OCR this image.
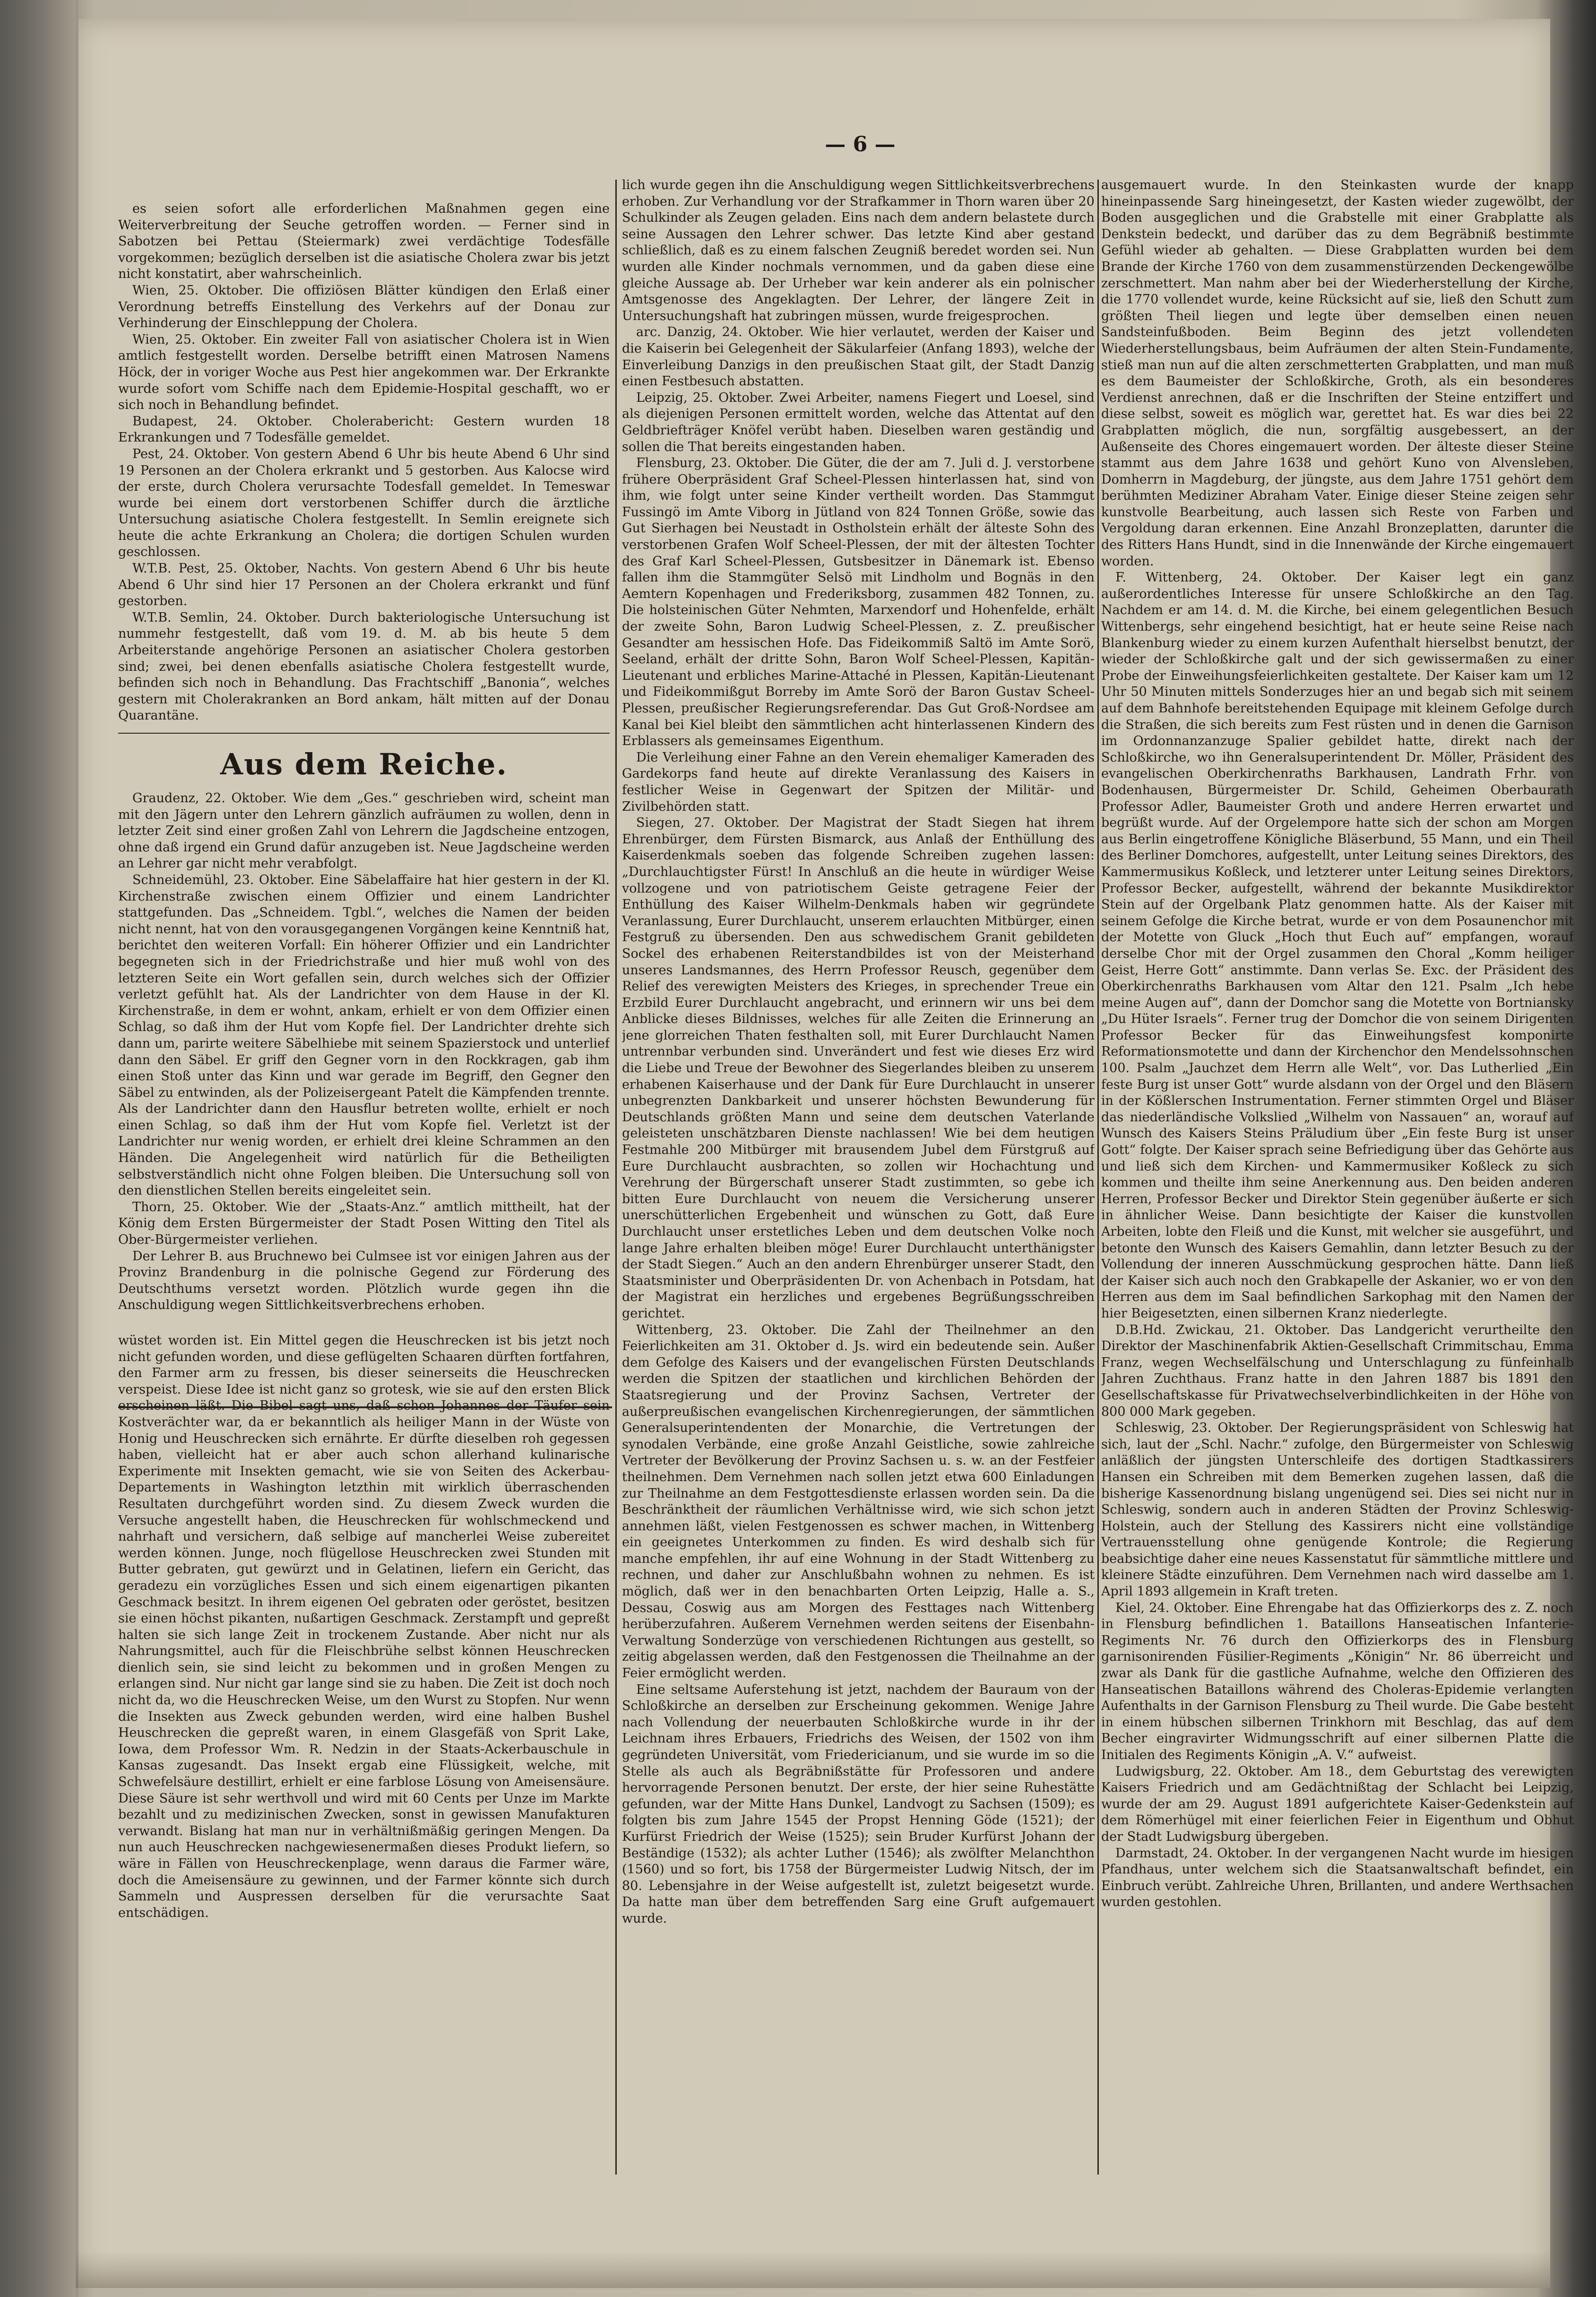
— 6 —

es seien sofort alle erforderlichen Maßnahmen gegen eine Weiterverbreitung der Seuche getroffen worden. — Ferner sind in Sabotzen bei Pettau (Steiermark) zwei verdächtige Todesfälle vorgekommen; bezüglich derselben ist die asiatische Cholera zwar bis jetzt nicht konstatirt, aber wahrscheinlich.

Wien, 25. Oktober. Die offiziösen Blätter kündigen den Erlaß einer Verordnung betreffs Einstellung des Verkehrs auf der Donau zur Verhinderung der Einschleppung der Cholera.

Wien, 25. Oktober. Ein zweiter Fall von asiatischer Cholera ist in Wien amtlich festgestellt worden. Derselbe betrifft einen Matrosen Namens Höck, der in voriger Woche aus Pest hier angekommen war. Der Erkrankte wurde sofort vom Schiffe nach dem Epidemie-Hospital geschafft, wo er sich noch in Behandlung befindet.

Budapest, 24. Oktober. Cholerabericht: Gestern wurden 18 Erkrankungen und 7 Todesfälle gemeldet.

Pest, 24. Oktober. Von gestern Abend 6 Uhr bis heute Abend 6 Uhr sind 19 Personen an der Cholera erkrankt und 5 gestorben. Aus Kalocse wird der erste, durch Cholera verursachte Todesfall gemeldet. In Temeswar wurde bei einem dort verstorbenen Schiffer durch die ärztliche Untersuchung asiatische Cholera festgestellt. In Semlin ereignete sich heute die achte Erkrankung an Cholera; die dortigen Schulen wurden geschlossen.

W.T.B. Pest, 25. Oktober, Nachts. Von gestern Abend 6 Uhr bis heute Abend 6 Uhr sind hier 17 Personen an der Cholera erkrankt und fünf gestorben.

W.T.B. Semlin, 24. Oktober. Durch bakteriologische Untersuchung ist nummehr festgestellt, daß vom 19. d. M. ab bis heute 5 dem Arbeiterstande angehörige Personen an asiatischer Cholera gestorben sind; zwei, bei denen ebenfalls asiatische Cholera festgestellt wurde, befinden sich noch in Behandlung. Das Frachtschiff „Banonia“, welches gestern mit Cholerakranken an Bord ankam, hält mitten auf der Donau Quarantäne.

Aus dem Reiche.

Graudenz, 22. Oktober. Wie dem „Ges.“ geschrieben wird, scheint man mit den Jägern unter den Lehrern gänzlich aufräumen zu wollen, denn in letzter Zeit sind einer großen Zahl von Lehrern die Jagdscheine entzogen, ohne daß irgend ein Grund dafür anzugeben ist. Neue Jagdscheine werden an Lehrer gar nicht mehr verabfolgt.

Schneidemühl, 23. Oktober. Eine Säbelaffaire hat hier gestern in der Kl. Kirchenstraße zwischen einem Offizier und einem Landrichter stattgefunden. Das „Schneidem. Tgbl.“, welches die Namen der beiden nicht nennt, hat von den vorausgegangenen Vorgängen keine Kenntniß hat, berichtet den weiteren Vorfall: Ein höherer Offizier und ein Landrichter begegneten sich in der Friedrichstraße und hier muß wohl von des letzteren Seite ein Wort gefallen sein, durch welches sich der Offizier verletzt gefühlt hat. Als der Landrichter von dem Hause in der Kl. Kirchenstraße, in dem er wohnt, ankam, erhielt er von dem Offizier einen Schlag, so daß ihm der Hut vom Kopfe fiel. Der Landrichter drehte sich dann um, parirte weitere Säbelhiebe mit seinem Spazierstock und unterlief dann den Säbel. Er griff den Gegner vorn in den Rockkragen, gab ihm einen Stoß unter das Kinn und war gerade im Begriff, den Gegner den Säbel zu entwinden, als der Polizeisergeant Patelt die Kämpfenden trennte. Als der Landrichter dann den Hausflur betreten wollte, erhielt er noch einen Schlag, so daß ihm der Hut vom Kopfe fiel. Verletzt ist der Landrichter nur wenig worden, er erhielt drei kleine Schrammen an den Händen. Die Angelegenheit wird natürlich für die Betheiligten selbstverständlich nicht ohne Folgen bleiben. Die Untersuchung soll von den dienstlichen Stellen bereits eingeleitet sein.

Thorn, 25. Oktober. Wie der „Staats-Anz.“ amtlich mittheilt, hat der König dem Ersten Bürgermeister der Stadt Posen Witting den Titel als Ober-Bürgermeister verliehen.

Der Lehrer B. aus Bruchnewo bei Culmsee ist vor einigen Jahren aus der Provinz Brandenburg in die polnische Gegend zur Förderung des Deutschthums versetzt worden. Plötzlich wurde gegen ihn die Anschuldigung wegen Sittlichkeitsverbrechens erhoben.

wüstet worden ist. Ein Mittel gegen die Heuschrecken ist bis jetzt noch nicht gefunden worden, und diese geflügelten Schaaren dürften fortfahren, den Farmer arm zu fressen, bis dieser seinerseits die Heuschrecken verspeist. Diese Idee ist nicht ganz so grotesk, wie sie auf den ersten Blick erscheinen läßt. Die Bibel sagt uns, daß schon Johannes der Täufer sein Kostverächter war, da er bekanntlich als heiliger Mann in der Wüste von Honig und Heuschrecken sich ernährte. Er dürfte dieselben roh gegessen haben, vielleicht hat er aber auch schon allerhand kulinarische Experimente mit Insekten gemacht, wie sie von Seiten des Ackerbau-Departements in Washington letzthin mit wirklich überraschenden Resultaten durchgeführt worden sind. Zu diesem Zweck wurden die Versuche angestellt haben, die Heuschrecken für wohlschmeckend und nahrhaft und versichern, daß selbige auf mancherlei Weise zubereitet werden können. Junge, noch flügellose Heuschrecken zwei Stunden mit Butter gebraten, gut gewürzt und in Gelatinen, liefern ein Gericht, das geradezu ein vorzügliches Essen und sich einem eigenartigen pikanten Geschmack besitzt. In ihrem eigenen Oel gebraten oder geröstet, besitzen sie einen höchst pikanten, nußartigen Geschmack. Zerstampft und gepreßt halten sie sich lange Zeit in trockenem Zustande. Aber nicht nur als Nahrungsmittel, auch für die Fleischbrühe selbst können Heuschrecken dienlich sein, sie sind leicht zu bekommen und in großen Mengen zu erlangen sind. Nur nicht gar lange sind sie zu haben. Die Zeit ist doch noch nicht da, wo die Heuschrecken Weise, um den Wurst zu Stopfen. Nur wenn die Insekten aus Zweck gebunden werden, wird eine halben Bushel Heuschrecken die gepreßt waren, in einem Glasgefäß von Sprit Lake, Iowa, dem Professor Wm. R. Nedzin in der Staats-Ackerbauschule in Kansas zugesandt. Das Insekt ergab eine Flüssigkeit, welche, mit Schwefelsäure destillirt, erhielt er eine farblose Lösung von Ameisensäure. Diese Säure ist sehr werthvoll und wird mit 60 Cents per Unze im Markte bezahlt und zu medizinischen Zwecken, sonst in gewissen Manufakturen verwandt. Bislang hat man nur in verhältnißmäßig geringen Mengen. Da nun auch Heuschrecken nachgewiesenermaßen dieses Produkt liefern, so wäre in Fällen von Heuschreckenplage, wenn daraus die Farmer wäre, doch die Ameisensäure zu gewinnen, und der Farmer könnte sich durch Sammeln und Auspressen derselben für die verursachte Saat entschädigen.

lich wurde gegen ihn die Anschuldigung wegen Sittlichkeitsverbrechens erhoben. Zur Verhandlung vor der Strafkammer in Thorn waren über 20 Schulkinder als Zeugen geladen. Eins nach dem andern belastete durch seine Aussagen den Lehrer schwer. Das letzte Kind aber gestand schließlich, daß es zu einem falschen Zeugniß beredet worden sei. Nun wurden alle Kinder nochmals vernommen, und da gaben diese eine gleiche Aussage ab. Der Urheber war kein anderer als ein polnischer Amtsgenosse des Angeklagten. Der Lehrer, der längere Zeit in Untersuchungshaft hat zubringen müssen, wurde freigesprochen.

arc. Danzig, 24. Oktober. Wie hier verlautet, werden der Kaiser und die Kaiserin bei Gelegenheit der Säkularfeier (Anfang 1893), welche der Einverleibung Danzigs in den preußischen Staat gilt, der Stadt Danzig einen Festbesuch abstatten.

Leipzig, 25. Oktober. Zwei Arbeiter, namens Fiegert und Loesel, sind als diejenigen Personen ermittelt worden, welche das Attentat auf den Geldbriefträger Knöfel verübt haben. Dieselben waren geständig und sollen die That bereits eingestanden haben.

Flensburg, 23. Oktober. Die Güter, die der am 7. Juli d. J. verstorbene frühere Oberpräsident Graf Scheel-Plessen hinterlassen hat, sind von ihm, wie folgt unter seine Kinder vertheilt worden. Das Stammgut Fussingö im Amte Viborg in Jütland von 824 Tonnen Größe, sowie das Gut Sierhagen bei Neustadt in Ostholstein erhält der älteste Sohn des verstorbenen Grafen Wolf Scheel-Plessen, der mit der ältesten Tochter des Graf Karl Scheel-Plessen, Gutsbesitzer in Dänemark ist. Ebenso fallen ihm die Stammgüter Selsö mit Lindholm und Bognäs in den Aemtern Kopenhagen und Frederiksborg, zusammen 482 Tonnen, zu. Die holsteinischen Güter Nehmten, Marxendorf und Hohenfelde, erhält der zweite Sohn, Baron Ludwig Scheel-Plessen, z. Z. preußischer Gesandter am hessischen Hofe. Das Fideikommiß Saltö im Amte Sorö, Seeland, erhält der dritte Sohn, Baron Wolf Scheel-Plessen, Kapitän-Lieutenant und erbliches Marine-Attaché in Plessen, Kapitän-Lieutenant und Fideikommißgut Borreby im Amte Sorö der Baron Gustav Scheel-Plessen, preußischer Regierungsreferendar. Das Gut Groß-Nordsee am Kanal bei Kiel bleibt den sämmtlichen acht hinterlassenen Kindern des Erblassers als gemeinsames Eigenthum.

Die Verleihung einer Fahne an den Verein ehemaliger Kameraden des Gardekorps fand heute auf direkte Veranlassung des Kaisers in festlicher Weise in Gegenwart der Spitzen der Militär- und Zivilbehörden statt.

Siegen, 27. Oktober. Der Magistrat der Stadt Siegen hat ihrem Ehrenbürger, dem Fürsten Bismarck, aus Anlaß der Enthüllung des Kaiserdenkmals soeben das folgende Schreiben zugehen lassen: „Durchlauchtigster Fürst! In Anschluß an die heute in würdiger Weise vollzogene und von patriotischem Geiste getragene Feier der Enthüllung des Kaiser Wilhelm-Denkmals haben wir gegründete Veranlassung, Eurer Durchlaucht, unserem erlauchten Mitbürger, einen Festgruß zu übersenden. Den aus schwedischem Granit gebildeten Sockel des erhabenen Reiterstandbildes ist von der Meisterhand unseres Landsmannes, des Herrn Professor Reusch, gegenüber dem Relief des verewigten Meisters des Krieges, in sprechender Treue ein Erzbild Eurer Durchlaucht angebracht, und erinnern wir uns bei dem Anblicke dieses Bildnisses, welches für alle Zeiten die Erinnerung an jene glorreichen Thaten festhalten soll, mit Eurer Durchlaucht Namen untrennbar verbunden sind. Unverändert und fest wie dieses Erz wird die Liebe und Treue der Bewohner des Siegerlandes bleiben zu unserem erhabenen Kaiserhause und der Dank für Eure Durchlaucht in unserer unbegrenzten Dankbarkeit und unserer höchsten Bewunderung für Deutschlands größten Mann und seine dem deutschen Vaterlande geleisteten unschätzbaren Dienste nachlassen! Wie bei dem heutigen Festmahle 200 Mitbürger mit brausendem Jubel dem Fürstgruß auf Eure Durchlaucht ausbrachten, so zollen wir Hochachtung und Verehrung der Bürgerschaft unserer Stadt zustimmten, so gebe ich bitten Eure Durchlaucht von neuem die Versicherung unserer unerschütterlichen Ergebenheit und wünschen zu Gott, daß Eure Durchlaucht unser erstetliches Leben und dem deutschen Volke noch lange Jahre erhalten bleiben möge! Eurer Durchlaucht unterthänigster der Stadt Siegen.“ Auch an den andern Ehrenbürger unserer Stadt, den Staatsminister und Oberpräsidenten Dr. von Achenbach in Potsdam, hat der Magistrat ein herzliches und ergebenes Begrüßungsschreiben gerichtet.

Wittenberg, 23. Oktober. Die Zahl der Theilnehmer an den Feierlichkeiten am 31. Oktober d. Js. wird ein bedeutende sein. Außer dem Gefolge des Kaisers und der evangelischen Fürsten Deutschlands werden die Spitzen der staatlichen und kirchlichen Behörden der Staatsregierung und der Provinz Sachsen, Vertreter der außerpreußischen evangelischen Kirchenregierungen, der sämmtlichen Generalsuperintendenten der Monarchie, die Vertretungen der synodalen Verbände, eine große Anzahl Geistliche, sowie zahlreiche Vertreter der Bevölkerung der Provinz Sachsen u. s. w. an der Festfeier theilnehmen. Dem Vernehmen nach sollen jetzt etwa 600 Einladungen zur Theilnahme an dem Festgottesdienste erlassen worden sein. Da die Beschränktheit der räumlichen Verhältnisse wird, wie sich schon jetzt annehmen läßt, vielen Festgenossen es schwer machen, in Wittenberg ein geeignetes Unterkommen zu finden. Es wird deshalb sich für manche empfehlen, ihr auf eine Wohnung in der Stadt Wittenberg zu rechnen, und daher zur Anschlußbahn wohnen zu nehmen. Es ist möglich, daß wer in den benachbarten Orten Leipzig, Halle a. S., Dessau, Coswig aus am Morgen des Festtages nach Wittenberg herüberzufahren. Außerem Vernehmen werden seitens der Eisenbahn-Verwaltung Sonderzüge von verschiedenen Richtungen aus gestellt, so zeitig abgelassen werden, daß den Festgenossen die Theilnahme an der Feier ermöglicht werden.

Eine seltsame Auferstehung ist jetzt, nachdem der Bauraum von der Schloßkirche an derselben zur Erscheinung gekommen. Wenige Jahre nach Vollendung der neuerbauten Schloßkirche wurde in ihr der Leichnam ihres Erbauers, Friedrichs des Weisen, der 1502 von ihm gegründeten Universität, vom Friedericianum, und sie wurde im so die Stelle als auch als Begräbnißstätte für Professoren und andere hervorragende Personen benutzt. Der erste, der hier seine Ruhestätte gefunden, war der Mitte Hans Dunkel, Landvogt zu Sachsen (1509); es folgten bis zum Jahre 1545 der Propst Henning Göde (1521); der Kurfürst Friedrich der Weise (1525); sein Bruder Kurfürst Johann der Beständige (1532); als achter Luther (1546); als zwölfter Melanchthon (1560) und so fort, bis 1758 der Bürgermeister Ludwig Nitsch, der im 80. Lebensjahre in der Weise aufgestellt ist, zuletzt beigesetzt wurde. Da hatte man über dem betreffenden Sarg eine Gruft aufgemauert wurde.

ausgemauert wurde. In den Steinkasten wurde der knapp hineinpassende Sarg hineingesetzt, der Kasten wieder zugewölbt, der Boden ausgeglichen und die Grabstelle mit einer Grabplatte als Denkstein bedeckt, und darüber das zu dem Begräbniß bestimmte Gefühl wieder ab gehalten. — Diese Grabplatten wurden bei dem Brande der Kirche 1760 von dem zusammenstürzenden Deckengewölbe zerschmettert. Man nahm aber bei der Wiederherstellung der Kirche, die 1770 vollendet wurde, keine Rücksicht auf sie, ließ den Schutt zum größten Theil liegen und legte über demselben einen neuen Sandsteinfußboden. Beim Beginn des jetzt vollendeten Wiederherstellungsbaus, beim Aufräumen der alten Stein-Fundamente, stieß man nun auf die alten zerschmetterten Grabplatten, und man muß es dem Baumeister der Schloßkirche, Groth, als ein besonderes Verdienst anrechnen, daß er die Inschriften der Steine entziffert und diese selbst, soweit es möglich war, gerettet hat. Es war dies bei 22 Grabplatten möglich, die nun, sorgfältig ausgebessert, an der Außenseite des Chores eingemauert worden. Der älteste dieser Steine stammt aus dem Jahre 1638 und gehört Kuno von Alvensleben, Domherrn in Magdeburg, der jüngste, aus dem Jahre 1751 gehört dem berühmten Mediziner Abraham Vater. Einige dieser Steine zeigen sehr kunstvolle Bearbeitung, auch lassen sich Reste von Farben und Vergoldung daran erkennen. Eine Anzahl Bronzeplatten, darunter die des Ritters Hans Hundt, sind in die Innenwände der Kirche eingemauert worden.

F. Wittenberg, 24. Oktober. Der Kaiser legt ein ganz außerordentliches Interesse für unsere Schloßkirche an den Tag. Nachdem er am 14. d. M. die Kirche, bei einem gelegentlichen Besuch Wittenbergs, sehr eingehend besichtigt, hat er heute seine Reise nach Blankenburg wieder zu einem kurzen Aufenthalt hierselbst benutzt, der wieder der Schloßkirche galt und der sich gewissermaßen zu einer Probe der Einweihungsfeierlichkeiten gestaltete. Der Kaiser kam um 12 Uhr 50 Minuten mittels Sonderzuges hier an und begab sich mit seinem auf dem Bahnhofe bereitstehenden Equipage mit kleinem Gefolge durch die Straßen, die sich bereits zum Fest rüsten und in denen die Garnison im Ordonnanzanzuge Spalier gebildet hatte, direkt nach der Schloßkirche, wo ihn Generalsuperintendent Dr. Möller, Präsident des evangelischen Oberkirchenraths Barkhausen, Landrath Frhr. von Bodenhausen, Bürgermeister Dr. Schild, Geheimen Oberbaurath Professor Adler, Baumeister Groth und andere Herren erwartet und begrüßt wurde. Auf der Orgelempore hatte sich der schon am Morgen aus Berlin eingetroffene Königliche Bläserbund, 55 Mann, und ein Theil des Berliner Domchores, aufgestellt, unter Leitung seines Direktors, des Kammermusikus Koßleck, und letzterer unter Leitung seines Direktors, Professor Becker, aufgestellt, während der bekannte Musikdirektor Stein auf der Orgelbank Platz genommen hatte. Als der Kaiser mit seinem Gefolge die Kirche betrat, wurde er von dem Posaunenchor mit der Motette von Gluck „Hoch thut Euch auf“ empfangen, worauf derselbe Chor mit der Orgel zusammen den Choral „Komm heiliger Geist, Herre Gott“ anstimmte. Dann verlas Se. Exc. der Präsident des Oberkirchenraths Barkhausen vom Altar den 121. Psalm „Ich hebe meine Augen auf“, dann der Domchor sang die Motette von Bortniansky „Du Hüter Israels“. Ferner trug der Domchor die von seinem Dirigenten Professor Becker für das Einweihungsfest komponirte Reformationsmotette und dann der Kirchenchor den Mendelssohnschen 100. Psalm „Jauchzet dem Herrn alle Welt“, vor. Das Lutherlied „Ein feste Burg ist unser Gott“ wurde alsdann von der Orgel und den Bläsern in der Kößlerschen Instrumentation. Ferner stimmten Orgel und Bläser das niederländische Volkslied „Wilhelm von Nassauen“ an, worauf auf Wunsch des Kaisers Steins Präludium über „Ein feste Burg ist unser Gott“ folgte. Der Kaiser sprach seine Befriedigung über das Gehörte aus und ließ sich dem Kirchen- und Kammermusiker Koßleck zu sich kommen und theilte ihm seine Anerkennung aus. Den beiden anderen Herren, Professor Becker und Direktor Stein gegenüber äußerte er sich in ähnlicher Weise. Dann besichtigte der Kaiser die kunstvollen Arbeiten, lobte den Fleiß und die Kunst, mit welcher sie ausgeführt, und betonte den Wunsch des Kaisers Gemahlin, dann letzter Besuch zu der Vollendung der inneren Ausschmückung gesprochen hätte. Dann ließ der Kaiser sich auch noch den Grabkapelle der Askanier, wo er von den Herren aus dem im Saal befindlichen Sarkophag mit den Namen der hier Beigesetzten, einen silbernen Kranz niederlegte.

D.B.Hd. Zwickau, 21. Oktober. Das Landgericht verurtheilte den Direktor der Maschinenfabrik Aktien-Gesellschaft Crimmitschau, Emma Franz, wegen Wechselfälschung und Unterschlagung zu fünfeinhalb Jahren Zuchthaus. Franz hatte in den Jahren 1887 bis 1891 den Gesellschaftskasse für Privatwechselverbindlichkeiten in der Höhe von 800 000 Mark gegeben.

Schleswig, 23. Oktober. Der Regierungspräsident von Schleswig hat sich, laut der „Schl. Nachr.“ zufolge, den Bürgermeister von Schleswig anläßlich der jüngsten Unterschleife des dortigen Stadtkassirers Hansen ein Schreiben mit dem Bemerken zugehen lassen, daß die bisherige Kassenordnung bislang ungenügend sei. Dies sei nicht nur in Schleswig, sondern auch in anderen Städten der Provinz Schleswig-Holstein, auch der Stellung des Kassirers nicht eine vollständige Vertrauensstellung ohne genügende Kontrole; die Regierung beabsichtige daher eine neues Kassenstatut für sämmtliche mittlere und kleinere Städte einzuführen. Dem Vernehmen nach wird dasselbe am 1. April 1893 allgemein in Kraft treten.

Kiel, 24. Oktober. Eine Ehrengabe hat das Offizierkorps des z. Z. noch in Flensburg befindlichen 1. Bataillons Hanseatischen Infanterie-Regiments Nr. 76 durch den Offizierkorps des in Flensburg garnisonirenden Füsilier-Regiments „Königin“ Nr. 86 überreicht und zwar als Dank für die gastliche Aufnahme, welche den Offizieren des Hanseatischen Bataillons während des Choleras-Epidemie verlangten Aufenthalts in der Garnison Flensburg zu Theil wurde. Die Gabe besteht in einem hübschen silbernen Trinkhorn mit Beschlag, das auf dem Becher eingravirter Widmungsschrift auf einer silbernen Platte die Initialen des Regiments Königin „A. V.“ aufweist.

Ludwigsburg, 22. Oktober. Am 18., dem Geburtstag des verewigten Kaisers Friedrich und am Gedächtnißtag der Schlacht bei Leipzig, wurde der am 29. August 1891 aufgerichtete Kaiser-Gedenkstein auf dem Römerhügel mit einer feierlichen Feier in Eigenthum und Obhut der Stadt Ludwigsburg übergeben.

Darmstadt, 24. Oktober. In der vergangenen Nacht wurde im hiesigen Pfandhaus, unter welchem sich die Staatsanwaltschaft befindet, ein Einbruch verübt. Zahlreiche Uhren, Brillanten, und andere Werthsachen wurden gestohlen.
